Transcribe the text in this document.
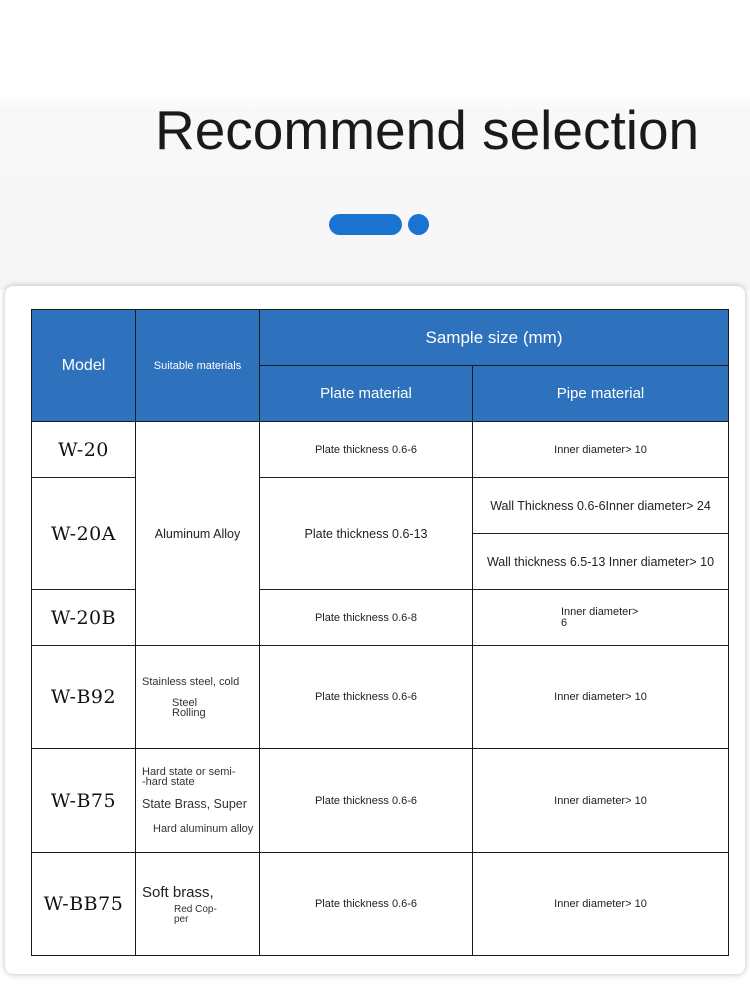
Recommend selection
Model	Suitable materials	Sample size (mm)	
		Plate material	Pipe material
W-20	Aluminum Alloy	Plate thickness 0.6-6	Inner diameter> 10
W-20A		Plate thickness 0.6-13	Wall Thickness 0.6-6Inner diameter> 24
			Wall thickness 6.5-13 Inner diameter> 10
W-20B		Plate thickness 0.6-8	Inner diameter>
6

W-B92	Stainless steel, cold
Steel
Rolling	Plate thickness 0.6-6	Inner diameter> 10
W-B75	Hard state or semi-
-hard state
State Brass, Super
Hard aluminum alloy	Plate thickness 0.6-6	Inner diameter> 10
W-BB75	Soft brass,
Red Cop-
per	Plate thickness 0.6-6	Inner diameter> 10
